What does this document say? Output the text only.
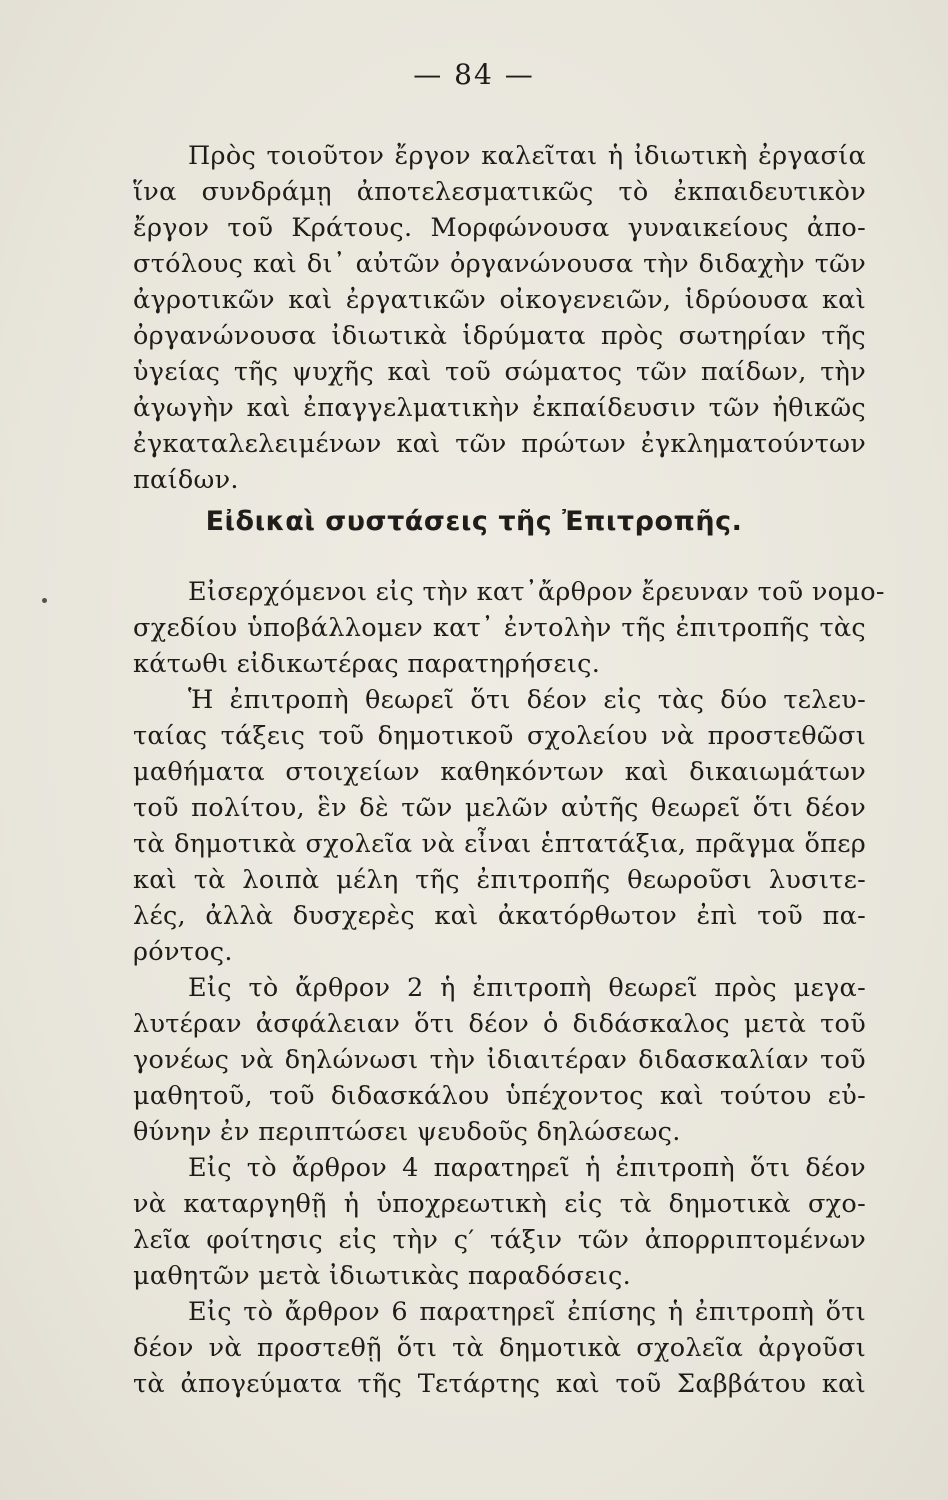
— 84 —
Πρὸς τοιοῦτον ἔργον καλεῖται ἡ ἰδιωτικὴ ἐργασία
ἵνα συνδράμῃ ἀποτελεσματικῶς τὸ ἐκπαιδευτικὸν
ἔργον τοῦ Κράτους. Μορφώνουσα γυναικείους ἀπο-
στόλους καὶ δι᾽ αὐτῶν ὀργανώνουσα τὴν διδαχὴν τῶν
ἀγροτικῶν καὶ ἐργατικῶν οἰκογενειῶν, ἱδρύουσα καὶ
ὀργανώνουσα ἰδιωτικὰ ἱδρύματα πρὸς σωτηρίαν τῆς
ὑγείας τῆς ψυχῆς καὶ τοῦ σώματος τῶν παίδων, τὴν
ἀγωγὴν καὶ ἐπαγγελματικὴν ἐκπαίδευσιν τῶν ἠθικῶς
ἐγκαταλελειμένων καὶ τῶν πρώτων ἐγκληματούντων
παίδων.
Εἰδικαὶ συστάσεις τῆς Ἐπιτροπῆς.
Εἰσερχόμενοι εἰς τὴν κατ᾽ἄρθρον ἔρευναν τοῦ νομο-
σχεδίου ὑποβάλλομεν κατ᾽ ἐντολὴν τῆς ἐπιτροπῆς τὰς
κάτωθι εἰδικωτέρας παρατηρήσεις.
Ἡ ἐπιτροπὴ θεωρεῖ ὅτι δέον εἰς τὰς δύο τελευ-
ταίας τάξεις τοῦ δημοτικοῦ σχολείου νὰ προστεθῶσι
μαθήματα στοιχείων καθηκόντων καὶ δικαιωμάτων
τοῦ πολίτου, ἓν δὲ τῶν μελῶν αὐτῆς θεωρεῖ ὅτι δέον
τὰ δημοτικὰ σχολεῖα νὰ εἶναι ἑπτατάξια, πρᾶγμα ὅπερ
καὶ τὰ λοιπὰ μέλη τῆς ἐπιτροπῆς θεωροῦσι λυσιτε-
λές, ἀλλὰ δυσχερὲς καὶ ἀκατόρθωτον ἐπὶ τοῦ πα-
ρόντος.
Εἰς τὸ ἄρθρον 2 ἡ ἐπιτροπὴ θεωρεῖ πρὸς μεγα-
λυτέραν ἀσφάλειαν ὅτι δέον ὁ διδάσκαλος μετὰ τοῦ
γονέως νὰ δηλώνωσι τὴν ἰδιαιτέραν διδασκαλίαν τοῦ
μαθητοῦ, τοῦ διδασκάλου ὑπέχοντος καὶ τούτου εὐ-
θύνην ἐν περιπτώσει ψευδοῦς δηλώσεως.
Εἰς τὸ ἄρθρον 4 παρατηρεῖ ἡ ἐπιτροπὴ ὅτι δέον
νὰ καταργηθῇ ἡ ὑποχρεωτικὴ εἰς τὰ δημοτικὰ σχο-
λεῖα φοίτησις εἰς τὴν ς′ τάξιν τῶν ἀπορριπτομένων
μαθητῶν μετὰ ἰδιωτικὰς παραδόσεις.
Εἰς τὸ ἄρθρον 6 παρατηρεῖ ἐπίσης ἡ ἐπιτροπὴ ὅτι
δέον νὰ προστεθῇ ὅτι τὰ δημοτικὰ σχολεῖα ἀργοῦσι
τὰ ἀπογεύματα τῆς Τετάρτης καὶ τοῦ Σαββάτου καὶ
